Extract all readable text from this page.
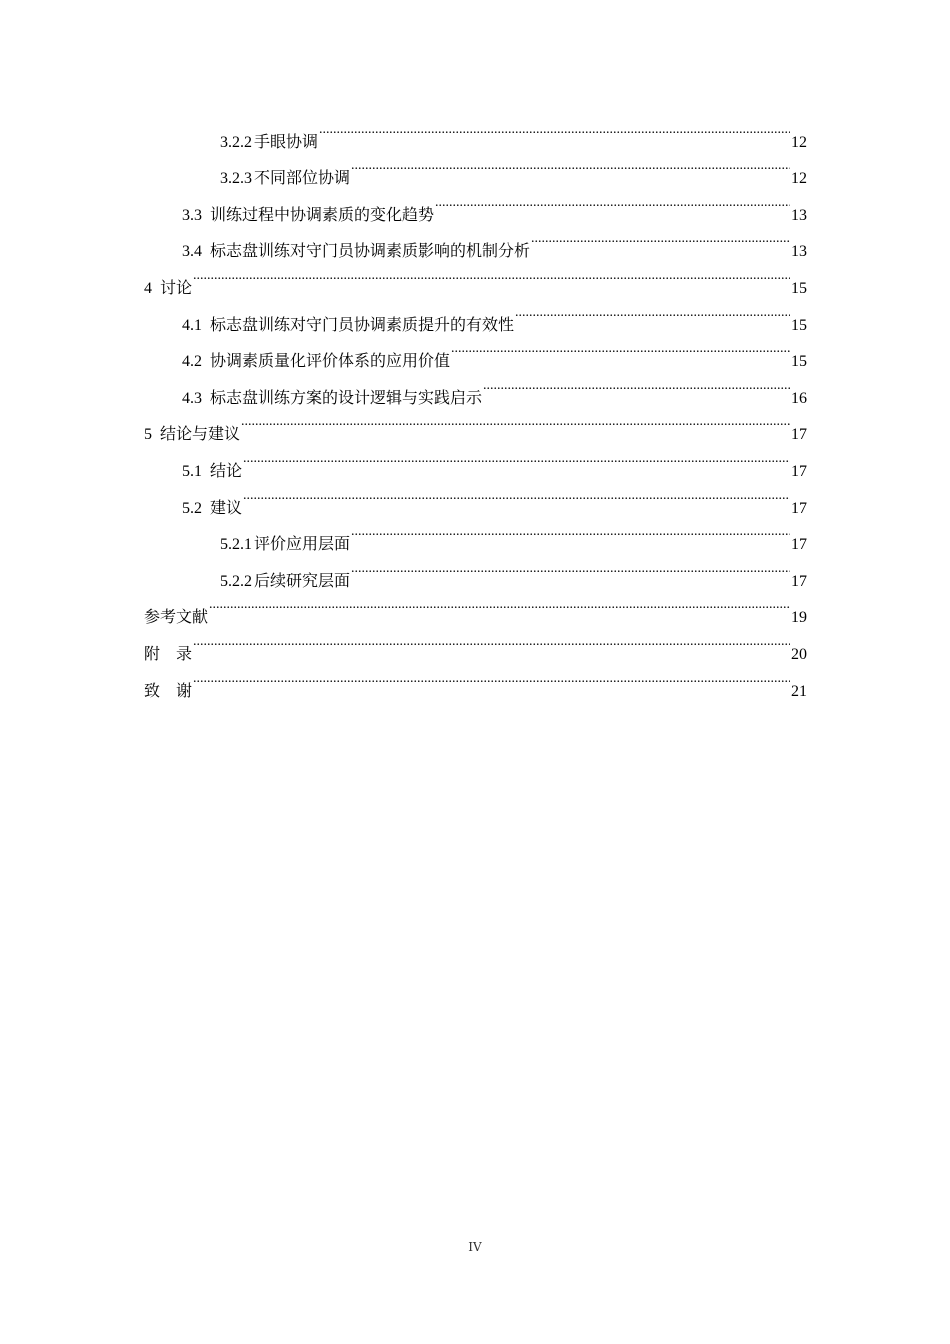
3.2.2 手眼协调 .....	12
3.2.3 不同部位协调 .....	12
3.3 训练过程中协调素质的变化趋势 .....	13
3.4 标志盘训练对守门员协调素质影响的机制分析 .....	13
4 讨论 .....	15
4.1 标志盘训练对守门员协调素质提升的有效性 .....	15
4.2 协调素质量化评价体系的应用价值 .....	15
4.3 标志盘训练方案的设计逻辑与实践启示 .....	16
5 结论与建议 .....	17
5.1 结论 .....	17
5.2 建议 .....	17
5.2.1 评价应用层面 .....	17
5.2.2 后续研究层面 .....	17
参考文献 .....	19
附　录 .....	20
致　谢 .....	21
IV
